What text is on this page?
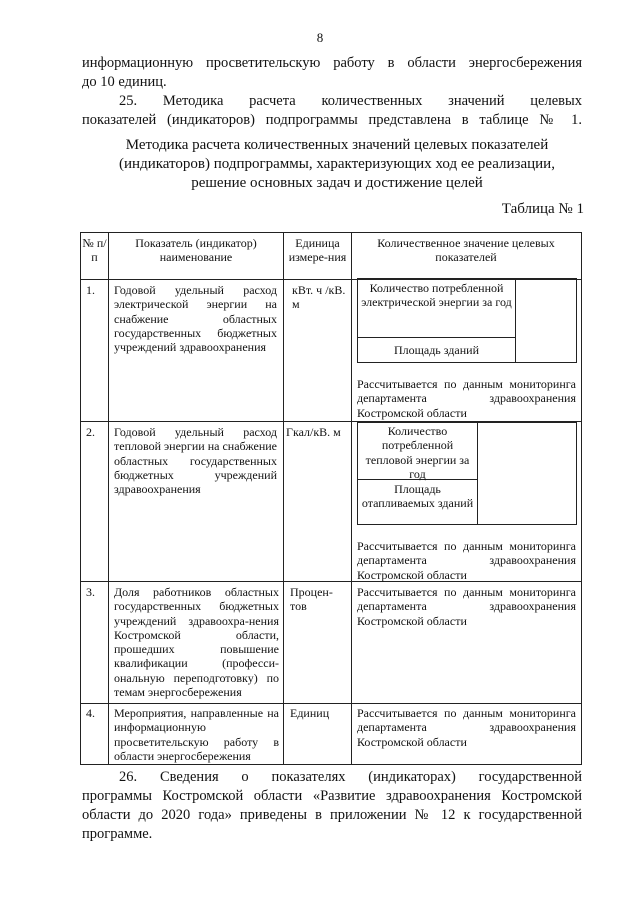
8
информационную просветительскую работу в области энергосбережения
до 10 единиц.
25. Методика расчета количественных значений целевых
показателей (индикаторов) подпрограммы представлена в таблице № 1.
Методика расчета количественных значений целевых показателей
(индикаторов) подпрограммы, характеризующих ход ее реализации,
решение основных задач и достижение целей
Таблица № 1
№ п/п
Показатель (индикатор) наименование
Единица измере-ния
Количественное значение целевых показателей
1. Годовой удельный расход электрической энергии на снабжение областных государственных бюджетных учреждений здравоохранения
кВт. ч /кВ. м
Количество потребленной электрической энергии за год
Площадь зданий
Рассчитывается по данным мониторинга департамента здравоохранения Костромской области
2. Годовой удельный расход тепловой энергии на снабжение областных государственных бюджетных учреждений здравоохранения
Гкал/кВ. м	Количество потребленной тепловой энергии за год
Площадь отапливаемых зданий
Рассчитывается по данным мониторинга департамента здравоохранения Костромской области
3. Доля работников областных государственных бюджетных учреждений здравоохра-нения Костромской области, прошедших повышение квалификации (професси-ональную переподготовку) по темам энергосбережения
Процен-тов
Рассчитывается по данным мониторинга департамента здравоохранения Костромской области
4. Мероприятия, направленные на информационную просветительскую работу в области энергосбережения
Единиц	Рассчитывается по данным мониторинга департамента здравоохранения Костромской области
26. Сведения о показателях (индикаторах) государственной
программы Костромской области «Развитие здравоохранения Костромской
области до 2020 года» приведены в приложении № 12 к государственной
программе.
